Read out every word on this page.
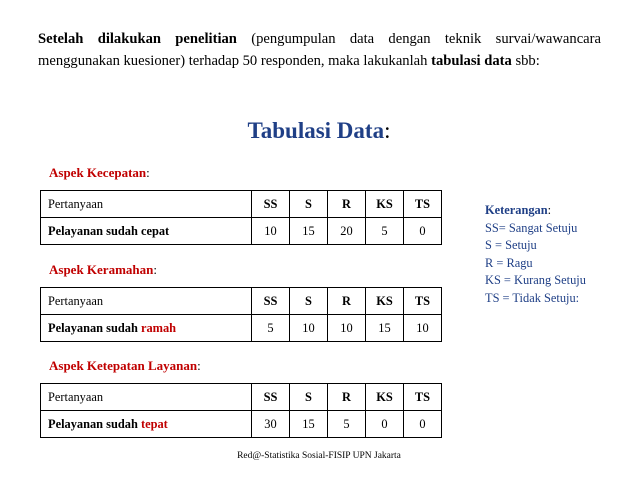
Setelah dilakukan penelitian (pengumpulan data dengan teknik survai/wawancara menggunakan kuesioner) terhadap 50 responden, maka lakukanlah tabulasi data sbb:
Tabulasi Data:
Aspek Kecepatan:
Pertanyaan	SS	S	R	KS	TS
Pelayanan sudah cepat	10	15	20	5	0
Aspek Keramahan:
Pertanyaan	SS	S	R	KS	TS
Pelayanan sudah ramah	5	10	10	15	10
Aspek Ketepatan Layanan:
Pertanyaan	SS	S	R	KS	TS
Pelayanan sudah tepat	30	15	5	0	0
Keterangan:
SS= Sangat Setuju
S = Setuju
R = Ragu
KS = Kurang Setuju
TS = Tidak Setuju:
Red@-Statistika Sosial-FISIP UPN Jakarta
